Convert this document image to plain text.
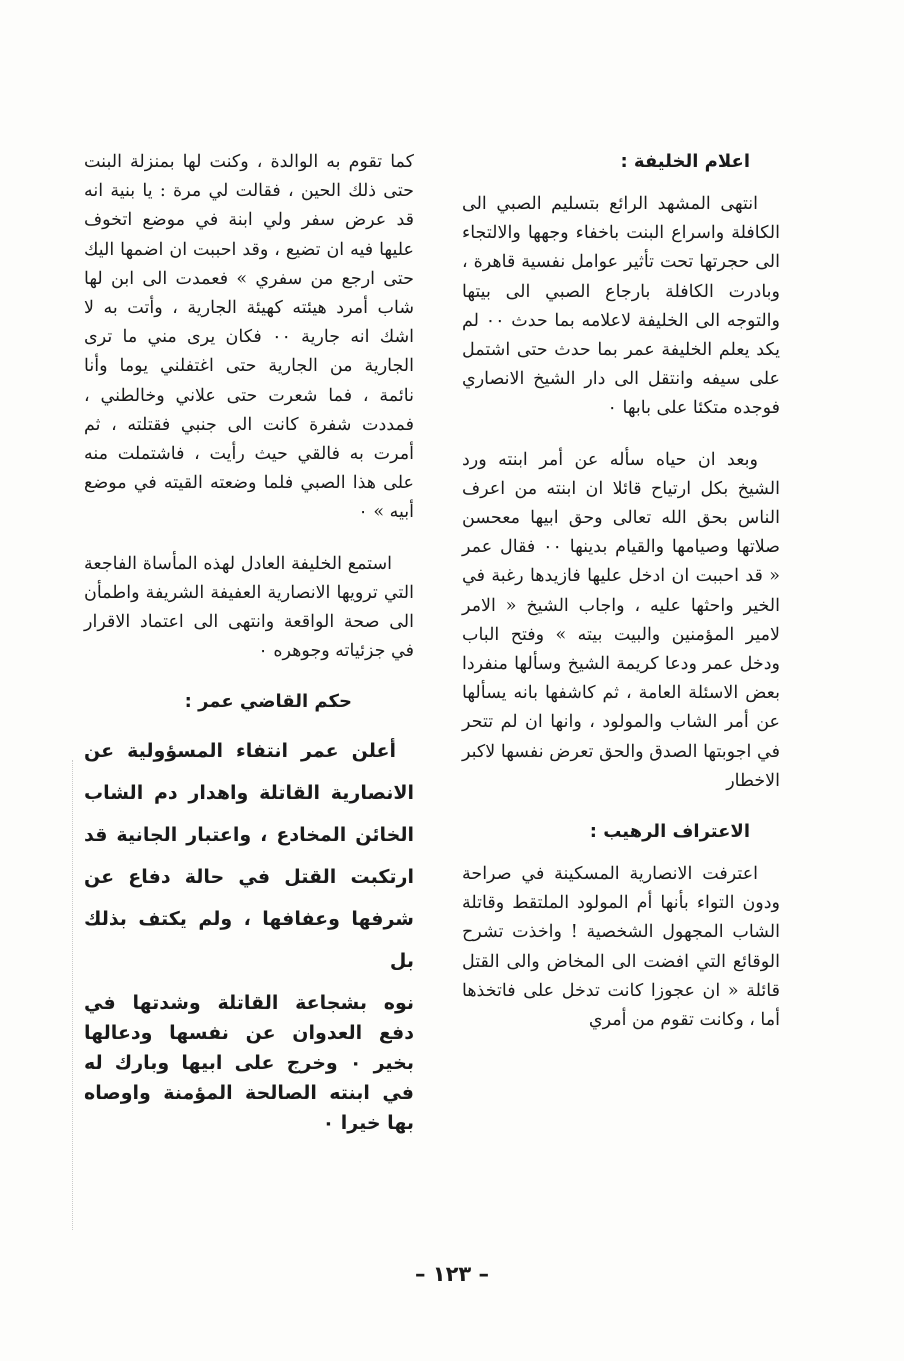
اعلام الخليفة :

انتهى المشهد الرائع بتسليم الصبي الى الكافلة واسراع البنت باخفاء وجهها والالتجاء الى حجرتها تحت تأثير عوامل نفسية قاهرة ، وبادرت الكافلة بارجاع الصبي الى بيتها والتوجه الى الخليفة لاعلامه بما حدث ٠٠ لم يكد يعلم الخليفة عمر بما حدث حتى اشتمل على سيفه وانتقل الى دار الشيخ الانصاري فوجده متكئا على بابها ٠

وبعد ان حياه سأله عن أمر ابنته ورد الشيخ بكل ارتياح قائلا ان ابنته من اعرف الناس بحق الله تعالى وحق ابيها معحسن صلاتها وصيامها والقيام بدينها ٠٠ فقال عمر « قد احببت ان ادخل عليها فازيدها رغبة في الخير واحثها عليه ، واجاب الشيخ « الامر لامير المؤمنين والبيت بيته » وفتح الباب ودخل عمر ودعا كريمة الشيخ وسألها منفردا بعض الاسئلة العامة ، ثم كاشفها بانه يسألها عن أمر الشاب والمولود ، وانها ان لم تتحر في اجوبتها الصدق والحق تعرض نفسها لاكبر الاخطار

الاعتراف الرهيب :

اعترفت الانصارية المسكينة في صراحة ودون التواء بأنها أم المولود الملتقط وقاتلة الشاب المجهول الشخصية ! واخذت تشرح الوقائع التي افضت الى المخاض والى القتل قائلة « ان عجوزا كانت تدخل على فاتخذها أما ، وكانت تقوم من أمري

كما تقوم به الوالدة ، وكنت لها بمنزلة البنت حتى ذلك الحين ، فقالت لي مرة : يا بنية انه قد عرض سفر ولي ابنة في موضع اتخوف عليها فيه ان تضيع ، وقد احببت ان اضمها اليك حتى ارجع من سفري » فعمدت الى ابن لها شاب أمرد هيئته كهيئة الجارية ، وأتت به لا اشك انه جارية ٠٠ فكان يرى مني ما ترى الجارية من الجارية حتى اغتفلني يوما وأنا نائمة ، فما شعرت حتى علاني وخالطني ، فمددت شفرة كانت الى جنبي فقتلته ، ثم أمرت به فالقي حيث رأيت ، فاشتملت منه على هذا الصبي فلما وضعته القيته في موضع أبيه » ٠

استمع الخليفة العادل لهذه المأساة الفاجعة التي ترويها الانصارية العفيفة الشريفة واطمأن الى صحة الواقعة وانتهى الى اعتماد الاقرار في جزئياته وجوهره ٠

حكم القاضي عمر :

أعلن عمر انتفاء المسؤولية عن الانصارية القاتلة واهدار دم الشاب الخائن المخادع ، واعتبار الجانية قد ارتكبت القتل في حالة دفاع عن شرفها وعفافها ، ولم يكتف بذلك بل

نوه بشجاعة القاتلة وشدتها في دفع العدوان عن نفسها ودعالها بخير ٠ وخرج على ابيها وبارك له في ابنته الصالحة المؤمنة واوصاه بها خيرا ٠

– ١٢٣ –
